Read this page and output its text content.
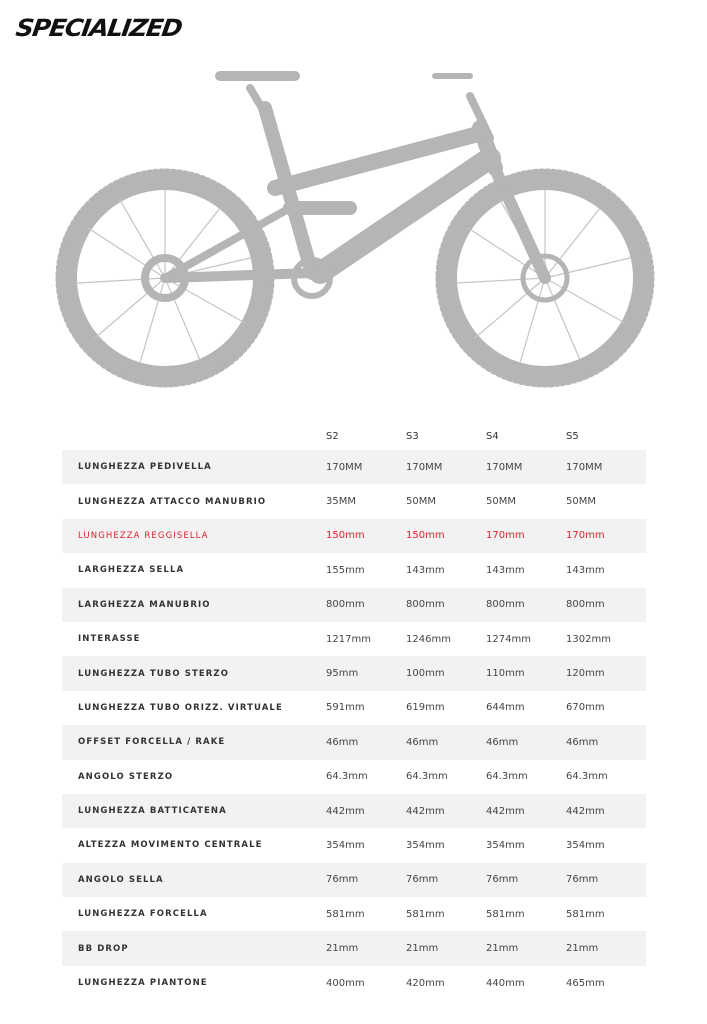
SPECIALIZED
	S2	S3	S4	S5
LUNGHEZZA PEDIVELLA	170MM	170MM	170MM	170MM
LUNGHEZZA ATTACCO MANUBRIO	35MM	50MM	50MM	50MM
LUNGHEZZA REGGISELLA	150mm	150mm	170mm	170mm
LARGHEZZA SELLA	155mm	143mm	143mm	143mm
LARGHEZZA MANUBRIO	800mm	800mm	800mm	800mm
INTERASSE	1217mm	1246mm	1274mm	1302mm
LUNGHEZZA TUBO STERZO	95mm	100mm	110mm	120mm
LUNGHEZZA TUBO ORIZZ. VIRTUALE	591mm	619mm	644mm	670mm
OFFSET FORCELLA / RAKE	46mm	46mm	46mm	46mm
ANGOLO STERZO	64.3mm	64.3mm	64.3mm	64.3mm
LUNGHEZZA BATTICATENA	442mm	442mm	442mm	442mm
ALTEZZA MOVIMENTO CENTRALE	354mm	354mm	354mm	354mm
ANGOLO SELLA	76mm	76mm	76mm	76mm
LUNGHEZZA FORCELLA	581mm	581mm	581mm	581mm
BB DROP	21mm	21mm	21mm	21mm
LUNGHEZZA PIANTONE	400mm	420mm	440mm	465mm
